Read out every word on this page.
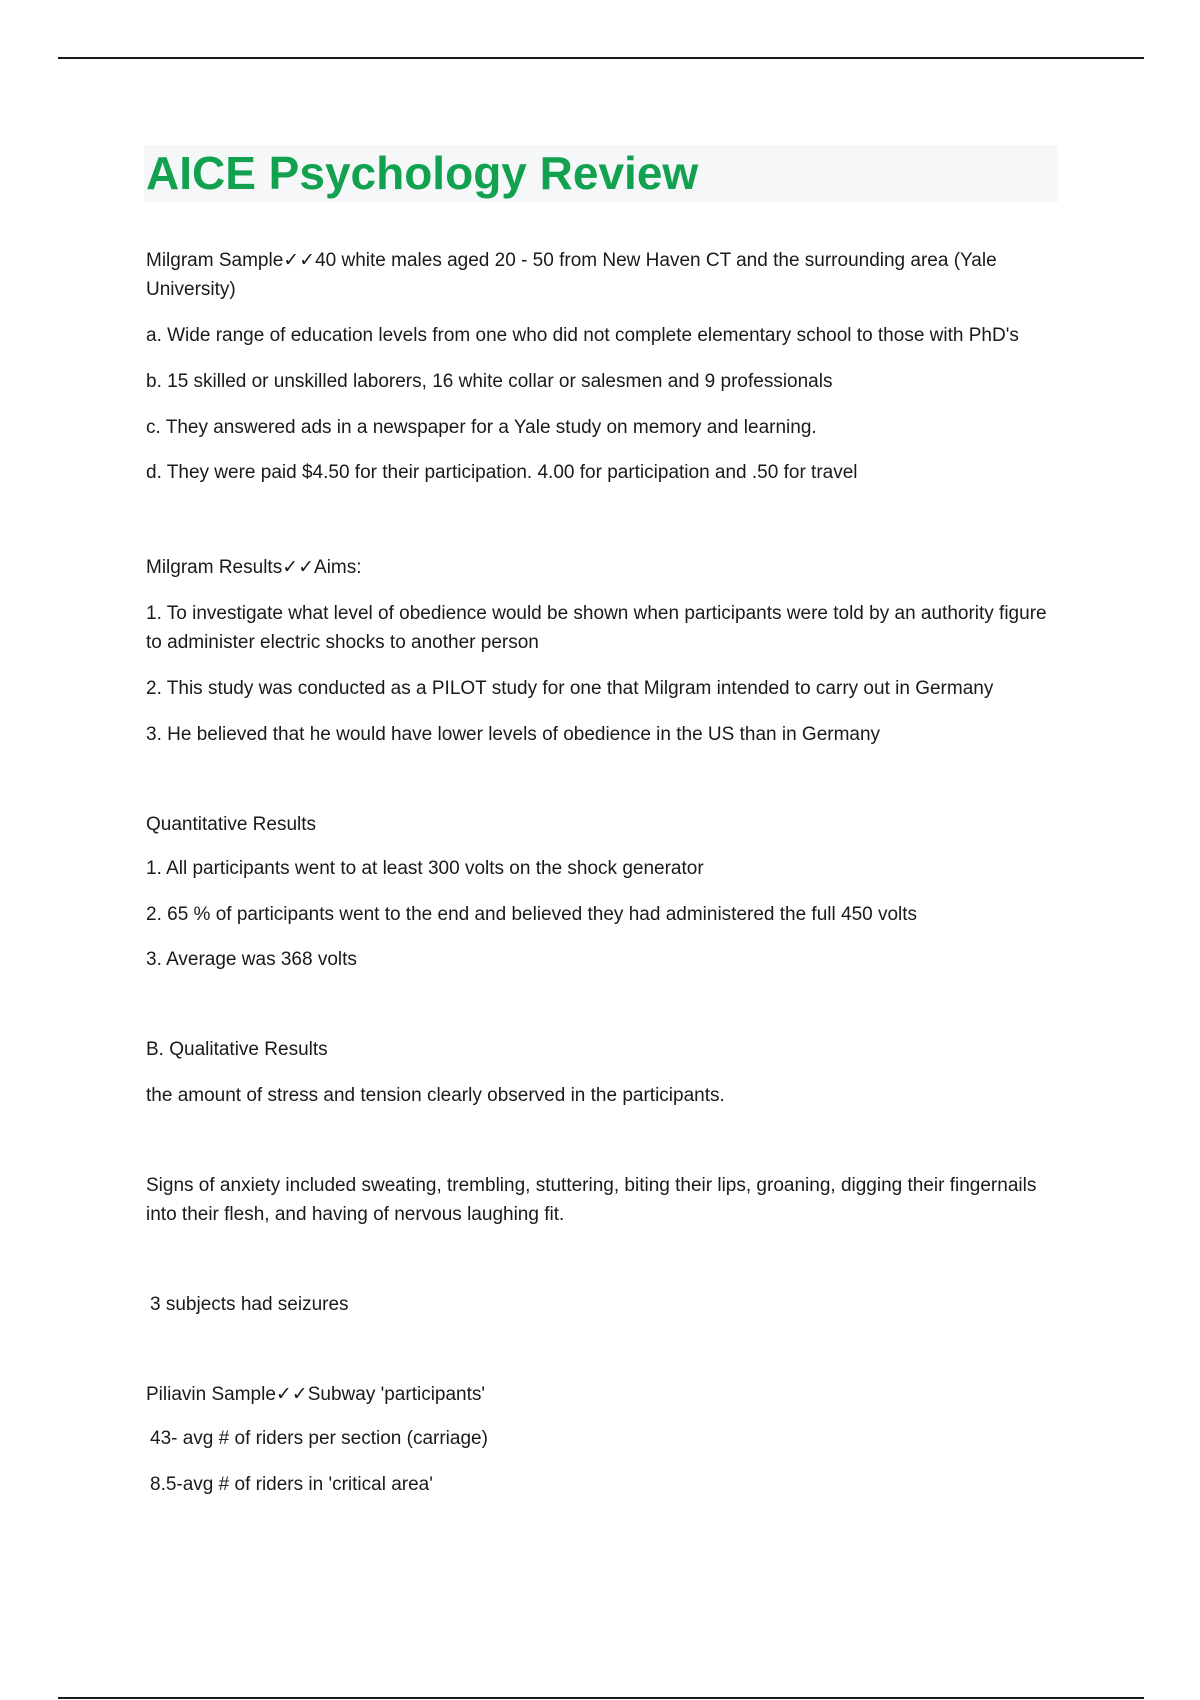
AICE Psychology Review

Milgram Sample✓✓40 white males aged 20 - 50 from New Haven CT and the surrounding area (Yale University)

a. Wide range of education levels from one who did not complete elementary school to those with PhD's

b. 15 skilled or unskilled laborers, 16 white collar or salesmen and 9 professionals

c. They answered ads in a newspaper for a Yale study on memory and learning.

d. They were paid $4.50 for their participation. 4.00 for participation and .50 for travel

Milgram Results✓✓Aims:

1. To investigate what level of obedience would be shown when participants were told by an authority figure to administer electric shocks to another person

2. This study was conducted as a PILOT study for one that Milgram intended to carry out in Germany

3. He believed that he would have lower levels of obedience in the US than in Germany

Quantitative Results

1. All participants went to at least 300 volts on the shock generator

2. 65 % of participants went to the end and believed they had administered the full 450 volts

3. Average was 368 volts

B. Qualitative Results

the amount of stress and tension clearly observed in the participants.

Signs of anxiety included sweating, trembling, stuttering, biting their lips, groaning, digging their fingernails into their flesh, and having of nervous laughing fit.

3 subjects had seizures

Piliavin Sample✓✓Subway 'participants'

43- avg # of riders per section (carriage)

8.5-avg # of riders in 'critical area'
